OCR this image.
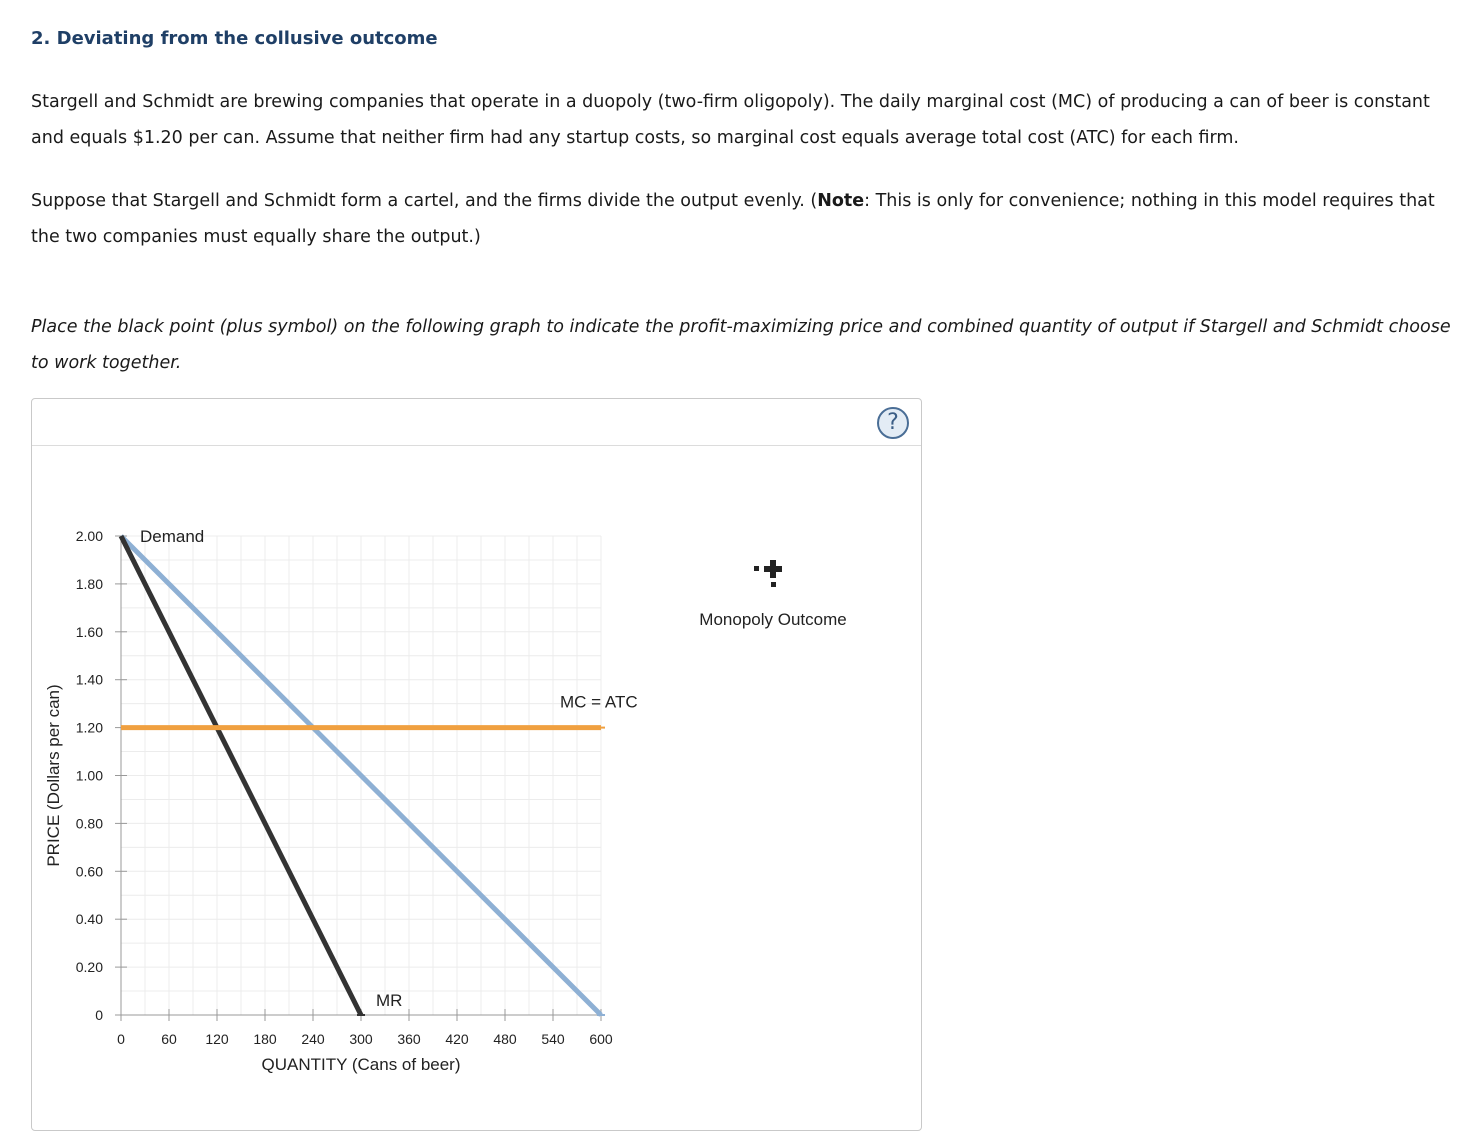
2. Deviating from the collusive outcome

Stargell and Schmidt are brewing companies that operate in a duopoly (two-firm oligopoly). The daily marginal cost (MC) of producing a can of beer is constant and equals $1.20 per can. Assume that neither firm had any startup costs, so marginal cost equals average total cost (ATC) for each firm.

Suppose that Stargell and Schmidt form a cartel, and the firms divide the output evenly. (Note: This is only for convenience; nothing in this model requires that the two companies must equally share the output.)

Place the black point (plus symbol) on the following graph to indicate the profit-maximizing price and combined quantity of output if Stargell and Schmidt choose to work together.

?
0
0.20
0.40
0.60
0.80
1.00
1.20
1.40
1.60
1.80
2.00
0	60 120 180 240 300 360 420 480 540 600
Demand
MR
MC = ATC
QUANTITY (Cans of beer)
PRICE (Dollars per can)
Monopoly Outcome
